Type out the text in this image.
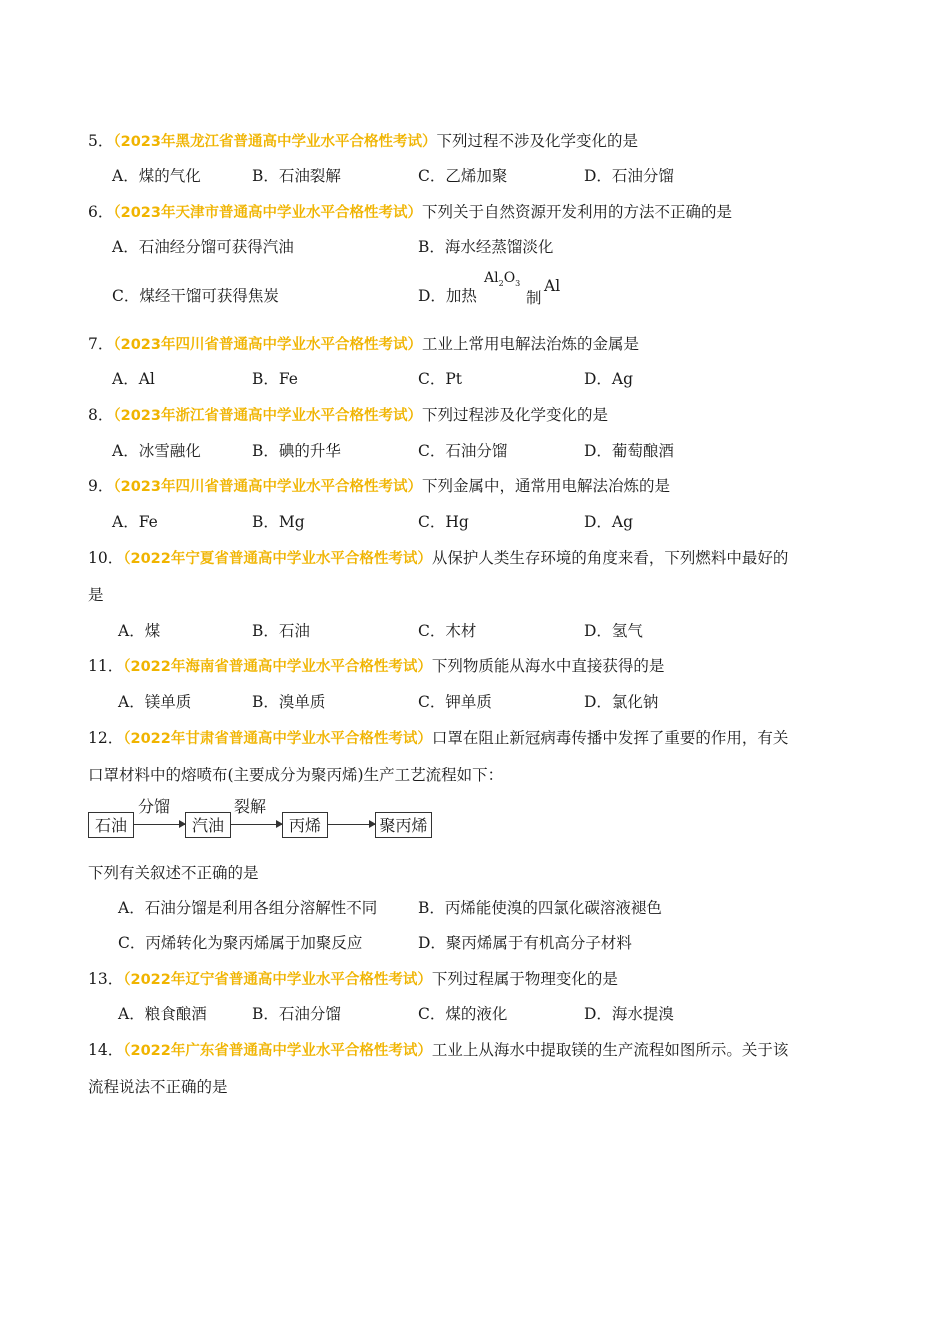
5．（2023年黑龙江省普通高中学业水平合格性考试）下列过程不涉及化学变化的是
A．煤的气化	B．石油裂解	C．乙烯加聚	D．石油分馏
6．（2023年天津市普通高中学业水平合格性考试）下列关于自然资源开发利用的方法不正确的是
A．石油经分馏可获得汽油	B．海水经蒸馏淡化
C．煤经干馏可获得焦炭	D．加热
$Al_2O_3$
制
Al
7．（2023年四川省普通高中学业水平合格性考试）工业上常用电解法治炼的金属是
A．Al	B．Fe	C．Pt	D．Ag
8．（2023年浙江省普通高中学业水平合格性考试）下列过程涉及化学变化的是
A．冰雪融化	B．碘的升华	C．石油分馏	D．葡萄酿酒
9．（2023年四川省普通高中学业水平合格性考试）下列金属中，通常用电解法冶炼的是
A．Fe	B．Mg	C．Hg	D．Ag
10．（2022年宁夏省普通高中学业水平合格性考试）从保护人类生存环境的角度来看，下列燃料中最好的
是
A．煤	B．石油	C．木材	D．氢气
11．（2022年海南省普通高中学业水平合格性考试）下列物质能从海水中直接获得的是
A．镁单质	B．溴单质	C．钾单质	D．氯化钠
12．（2022年甘肃省普通高中学业水平合格性考试）口罩在阻止新冠病毒传播中发挥了重要的作用，有关
口罩材料中的熔喷布(主要成分为聚丙烯)生产工艺流程如下：
石油
分馏
汽油
裂解
丙烯	聚丙烯
下列有关叙述不正确的是
A．石油分馏是利用各组分溶解性不同	B．丙烯能使溴的四氯化碳溶液褪色
C．丙烯转化为聚丙烯属于加聚反应	D．聚丙烯属于有机高分子材料
13．（2022年辽宁省普通高中学业水平合格性考试）下列过程属于物理变化的是
A．粮食酿酒	B．石油分馏	C．煤的液化	D．海水提溴
14．（2022年广东省普通高中学业水平合格性考试）工业上从海水中提取镁的生产流程如图所示。关于该
流程说法不正确的是
